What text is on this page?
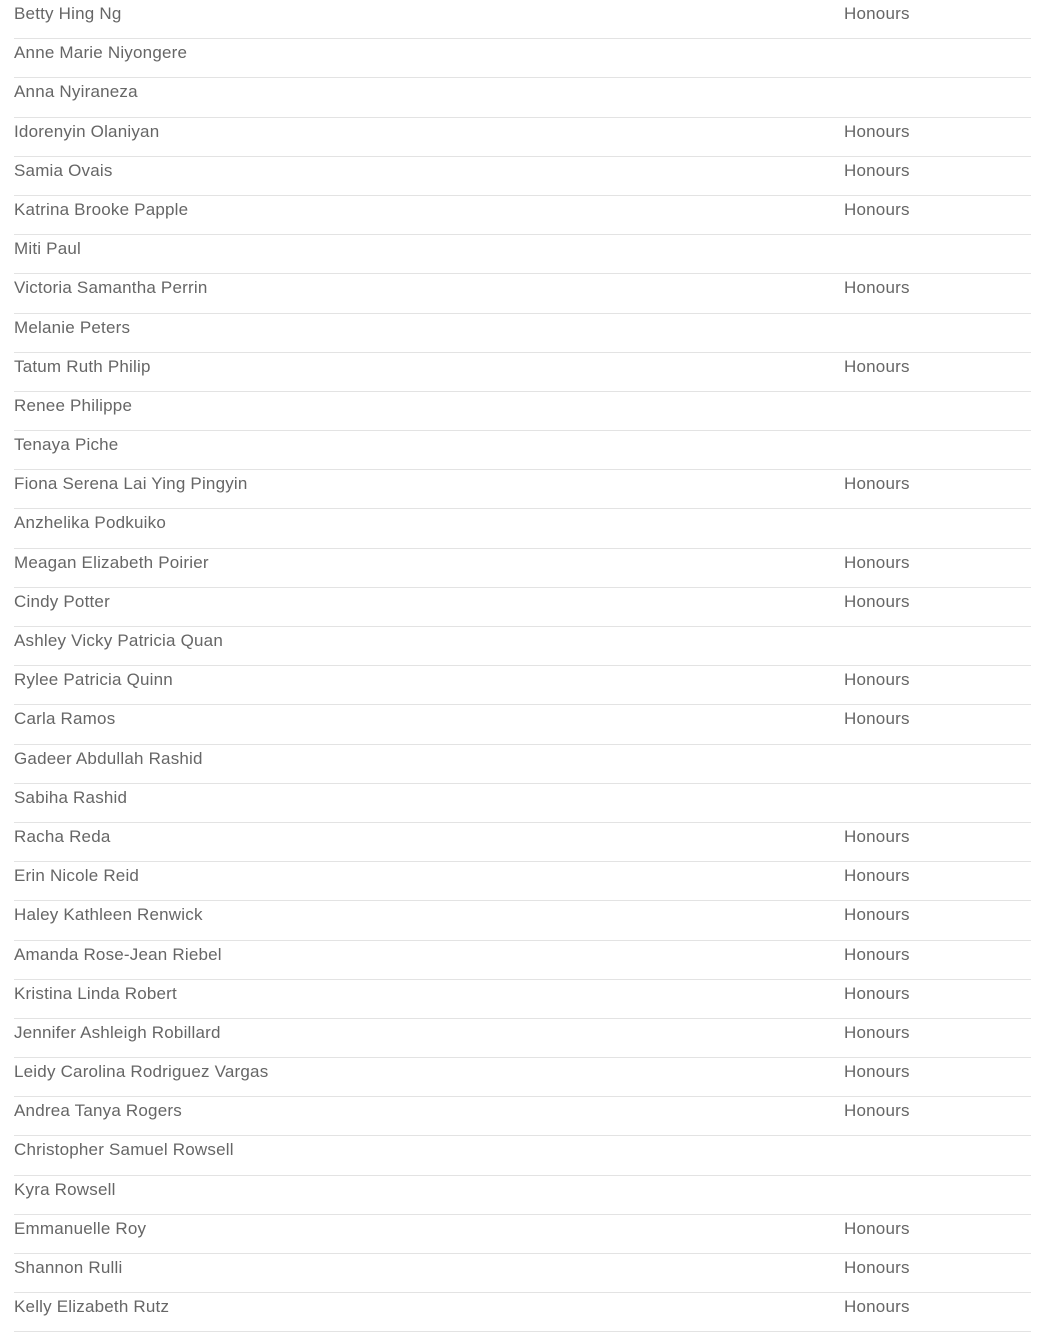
Betty Hing Ng	Honours
Anne Marie Niyongere
Anna Nyiraneza
Idorenyin Olaniyan	Honours
Samia Ovais	Honours
Katrina Brooke Papple	Honours
Miti Paul
Victoria Samantha Perrin	Honours
Melanie Peters
Tatum Ruth Philip	Honours
Renee Philippe
Tenaya Piche
Fiona Serena Lai Ying Pingyin	Honours
Anzhelika Podkuiko
Meagan Elizabeth Poirier	Honours
Cindy Potter	Honours
Ashley Vicky Patricia Quan
Rylee Patricia Quinn	Honours
Carla Ramos	Honours
Gadeer Abdullah Rashid
Sabiha Rashid
Racha Reda	Honours
Erin Nicole Reid	Honours
Haley Kathleen Renwick	Honours
Amanda Rose-Jean Riebel	Honours
Kristina Linda Robert	Honours
Jennifer Ashleigh Robillard	Honours
Leidy Carolina Rodriguez Vargas	Honours
Andrea Tanya Rogers	Honours
Christopher Samuel Rowsell
Kyra Rowsell
Emmanuelle Roy	Honours
Shannon Rulli	Honours
Kelly Elizabeth Rutz	Honours
